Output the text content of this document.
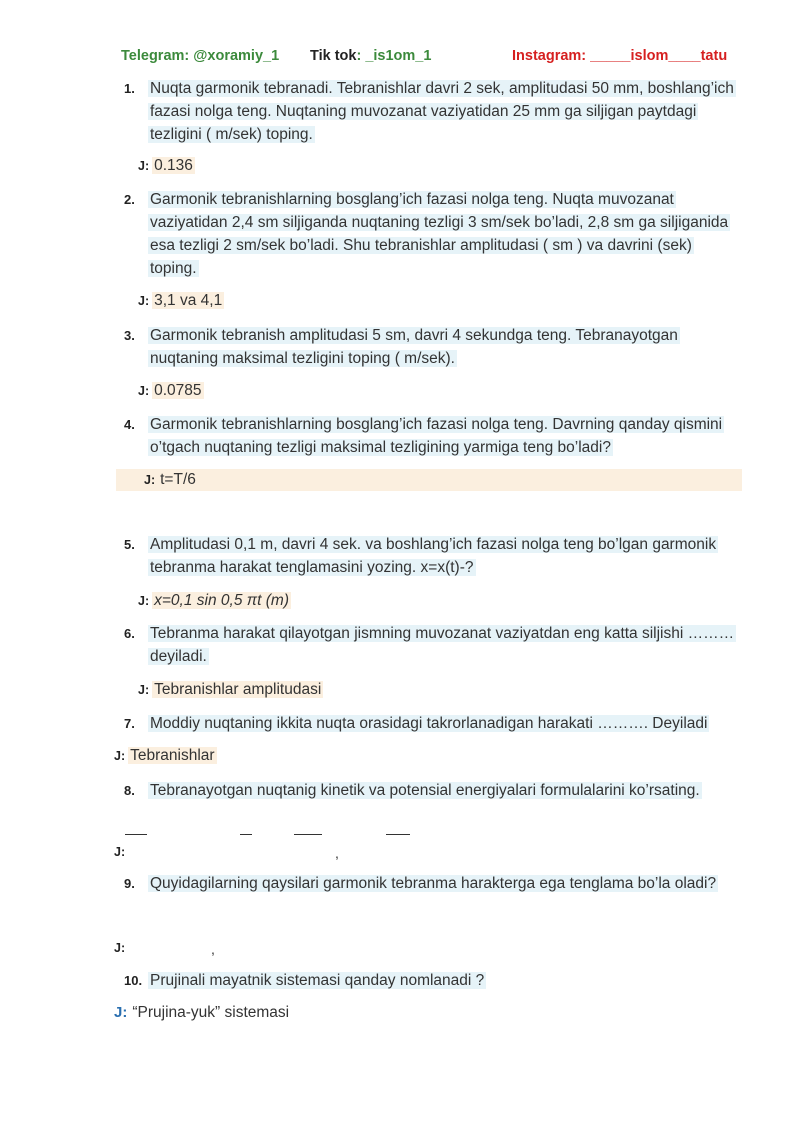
Telegram: @xoramiy_1 Tik tok: _is1om_1	Instagram: _____islom____tatu
1. Nuqta garmonik tebranadi. Tebranishlar davri 2 sek, amplitudasi 50 mm, boshlang’ich fazasi nolga teng. Nuqtaning muvozanat vaziyatidan 25 mm ga siljigan paytdagi tezligini ( m/sek) toping.
J: 0.136
2. Garmonik tebranishlarning bosglang’ich fazasi nolga teng. Nuqta muvozanat vaziyatidan 2,4 sm siljiganda nuqtaning tezligi 3 sm/sek bo’ladi, 2,8 sm ga siljiganida esa tezligi 2 sm/sek bo’ladi. Shu tebranishlar amplitudasi ( sm ) va davrini (sek) toping.
J: 3,1 va 4,1
3. Garmonik tebranish amplitudasi 5 sm, davri 4 sekundga teng. Tebranayotgan nuqtaning maksimal tezligini toping ( m/sek).
J: 0.0785
4. Garmonik tebranishlarning bosglang’ich fazasi nolga teng. Davrning qanday qismini o’tgach nuqtaning tezligi maksimal tezligining yarmiga teng bo’ladi?
J: t=T/6
5. Amplitudasi 0,1 m, davri 4 sek. va boshlang’ich fazasi nolga teng bo’lgan garmonik tebranma harakat tenglamasini yozing. x=x(t)-?
J: x=0,1 sin 0,5 πt (m)
6. Tebranma harakat qilayotgan jismning muvozanat vaziyatdan eng katta siljishi ………deyiladi.
J: Tebranishlar amplitudasi
7. Moddiy nuqtaning ikkita nuqta orasidagi takrorlanadigan harakati ………. Deyiladi
J: Tebranishlar
8. Tebranayotgan nuqtanig kinetik va potensial energiyalari formulalarini ko’rsating.
J:	,
9. Quyidagilarning qaysilari garmonik tebranma harakterga ega tenglama bo’la oladi?
J:	,
10. Prujinali mayatnik sistemasi qanday nomlanadi ?
J: “Prujina-yuk” sistemasi
